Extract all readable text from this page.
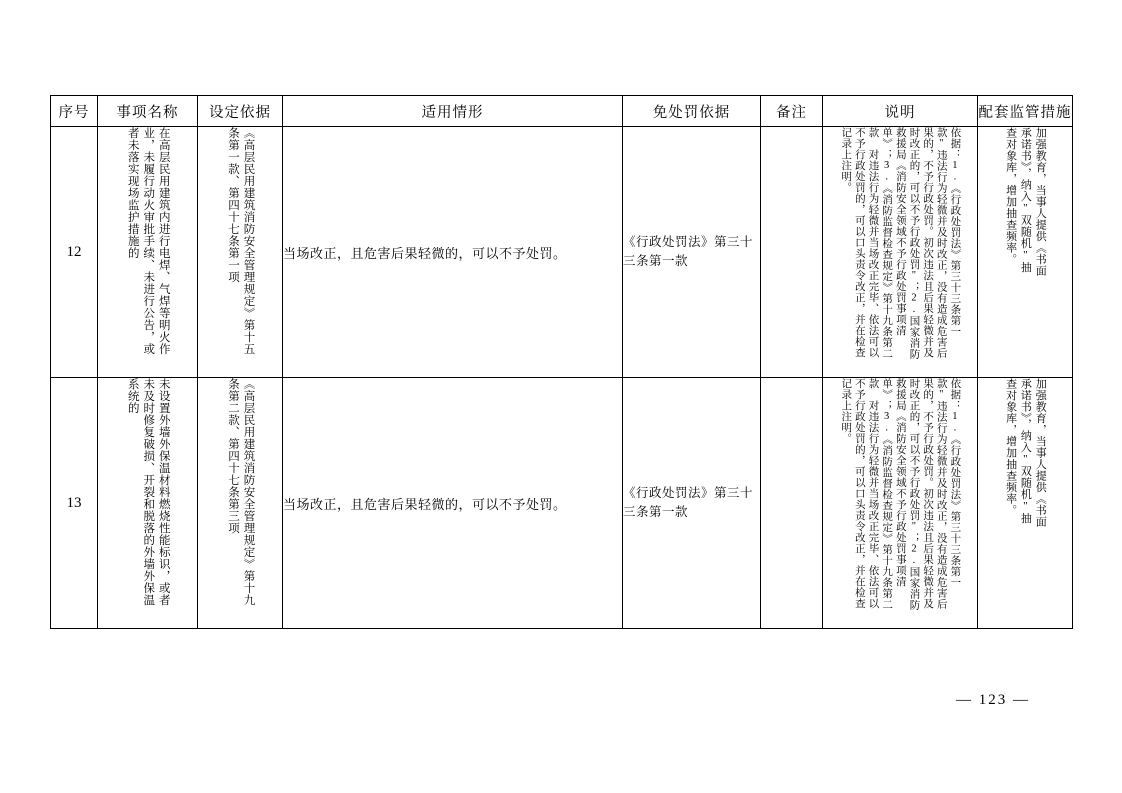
序号	事项名称	设定依据	适用情形	免处罚依据	备注	说明	配套监管措施
12	在高层民用建筑内进行电焊、气焊等明火作业，未履行动火审批手续、未进行公告，或者未落实现场监护措施的	《高层民用建筑消防安全管理规定》第十五条第一款、第四十七条第一项	当场改正，且危害后果轻微的，可以不予处罚。	《行政处罚法》第三十三条第一款		依据：1.《行政处罚法》第三十三条第一款"违法行为轻微并及时改正，没有造成危害后果的，不予行政处罚。初次违法且后果轻微并及时改正的，可以不予行政处罚"；2.国家消防救援局《消防安全领域不予行政处罚事项清单》；3.《消防监督检查规定》第十九条第二款　对违法行为轻微并当场改正完毕、依法可以不予行政处罚的，可以口头责令改正，并在检查记录上注明。	加强教育，当事人提供《书面承诺书》，纳入"双随机"抽查对象库，增加抽查频率。

13	未设置外墙外保温材料燃烧性能标识，或者未及时修复破损、开裂和脱落的外墙外保温系统的	《高层民用建筑消防安全管理规定》第十九条第二款、第四十七条第三项	当场改正，且危害后果轻微的，可以不予处罚。	《行政处罚法》第三十三条第一款		依据：1.《行政处罚法》第三十三条第一款"违法行为轻微并及时改正，没有造成危害后果的，不予行政处罚。初次违法且后果轻微并及时改正的，可以不予行政处罚"；2.国家消防救援局《消防安全领域不予行政处罚事项清单》；3.《消防监督检查规定》第十九条第二款　对违法行为轻微并当场改正完毕、依法可以不予行政处罚的，可以口头责令改正，并在检查记录上注明。	加强教育，当事人提供《书面承诺书》，纳入"双随机"抽查对象库，增加抽查频率。
— 123 —
